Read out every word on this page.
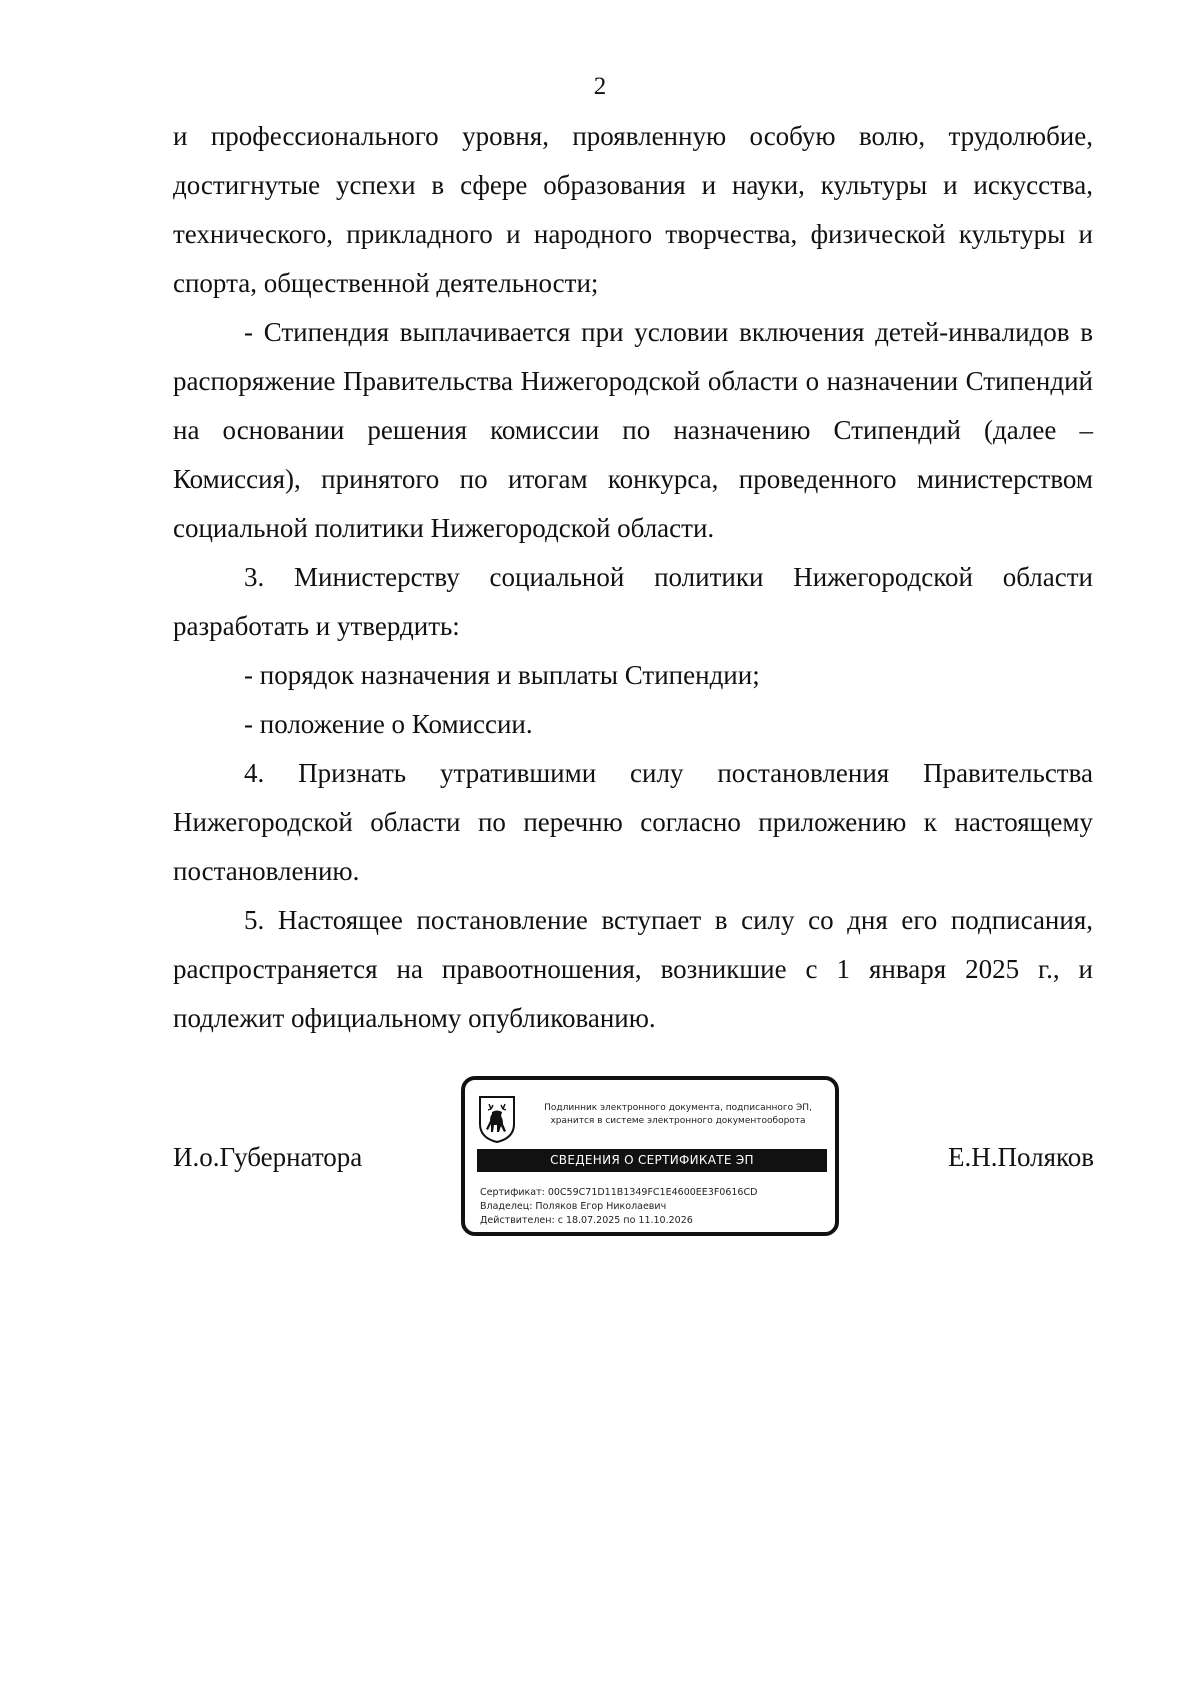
2

и профессионального уровня, проявленную особую волю, трудолюбие, достигнутые успехи в сфере образования и науки, культуры и искусства, технического, прикладного и народного творчества, физической культуры и спорта, общественной деятельности;

- Стипендия выплачивается при условии включения детей-инвалидов в распоряжение Правительства Нижегородской области о назначении Стипендий на основании решения комиссии по назначению Стипендий (далее – Комиссия), принятого по итогам конкурса, проведенного министерством социальной политики Нижегородской области.

3. Министерству социальной политики Нижегородской области разработать и утвердить:

- порядок назначения и выплаты Стипендии;

- положение о Комиссии.

4. Признать утратившими силу постановления Правительства Нижегородской области по перечню согласно приложению к настоящему постановлению.

5. Настоящее постановление вступает в силу со дня его подписания, распространяется на правоотношения, возникшие с 1 января 2025 г., и подлежит официальному опубликованию.

И.о.Губернатора
Подлинник электронного документа, подписанного ЭП,
хранится в системе электронного документооборота
СВЕДЕНИЯ О СЕРТИФИКАТЕ ЭП
Сертификат: 00C59C71D11B1349FC1E4600EE3F0616CD
Владелец: Поляков Егор Николаевич
Действителен: с 18.07.2025 по 11.10.2026
Е.Н.Поляков
